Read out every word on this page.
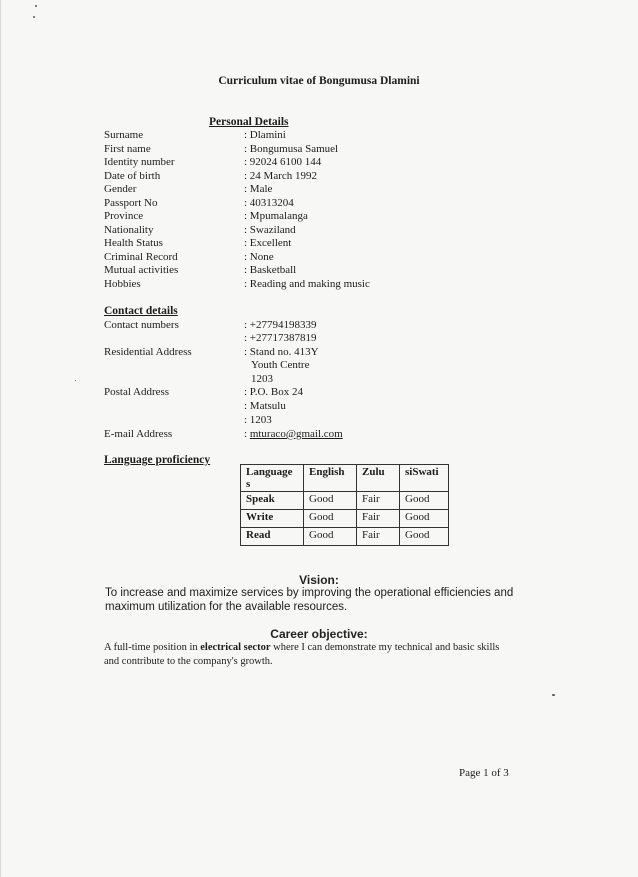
Curriculum vitae of Bongumusa Dlamini
Personal Details
Surname	: Dlamini
First name	: Bongumusa Samuel
Identity number	: 92024 6100 144
Date of birth	: 24 March 1992
Gender	: Male
Passport No	: 40313204
Province	: Mpumalanga
Nationality	: Swaziland
Health Status	: Excellent
Criminal Record	: None
Mutual activities	: Basketball
Hobbies	: Reading and making music
Contact details
Contact numbers	: +27794198339
: +27717387819
Residential Address	: Stand no. 413Y
Youth Centre
1203
Postal Address	: P.O. Box 24
: Matsulu
: 1203
E-mail Address	: mturaco@gmail.com
Language proficiency
Language s	English	Zulu	siSwati
Speak	Good	Fair	Good
Write	Good	Fair	Good
Read	Good	Fair	Good
Vision:
To increase and maximize services by improving the operational efficiencies and maximum utilization for the available resources.
Career objective:
A full-time position in electrical sector where I can demonstrate my technical and basic skills and contribute to the company's growth.
Page 1 of 3
